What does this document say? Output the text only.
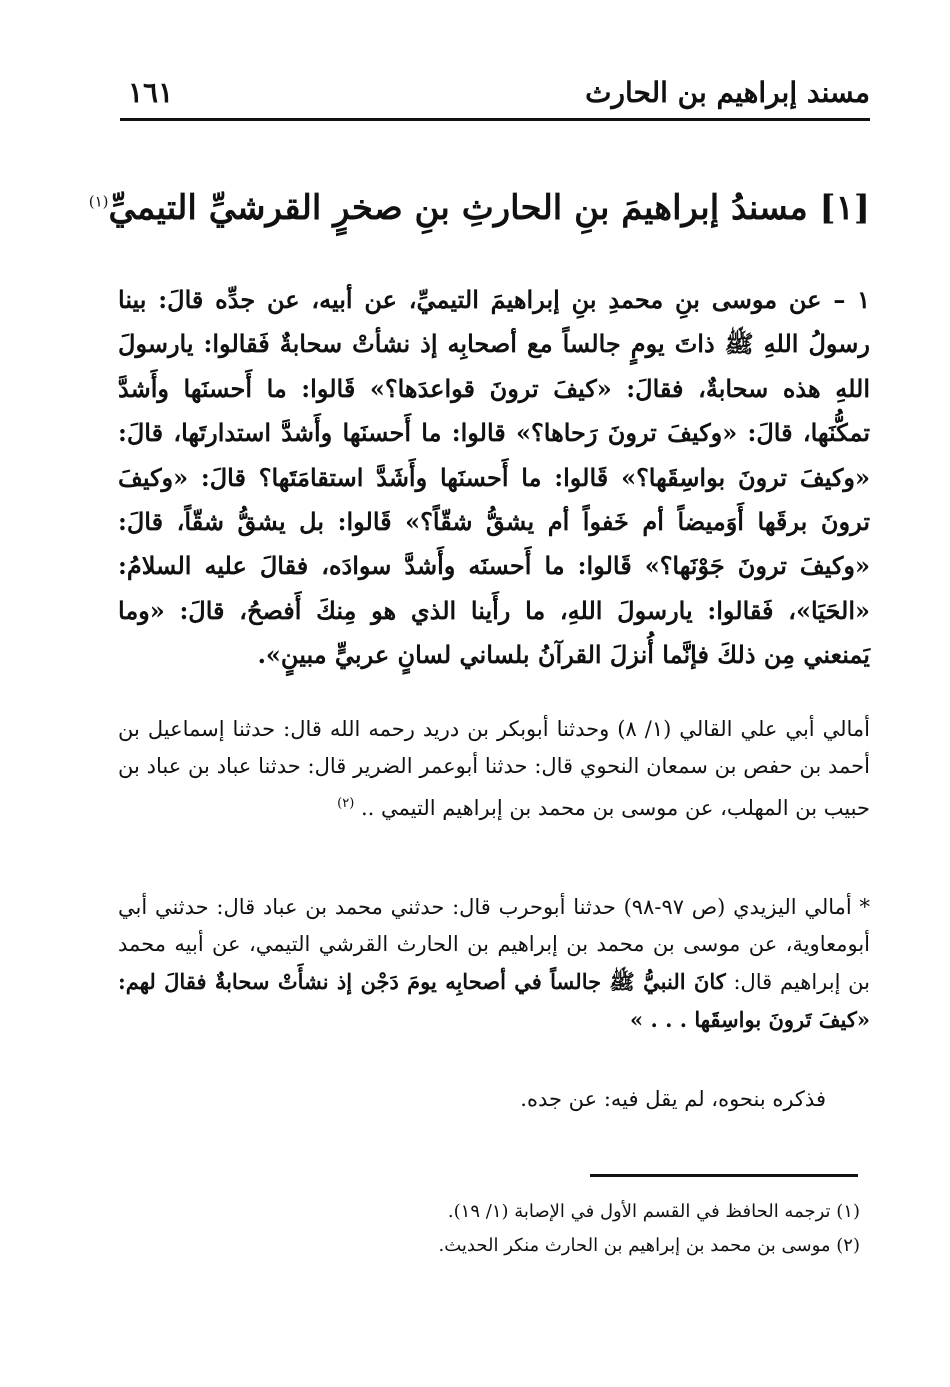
مسند إبراهيم بن الحارث
١٦١
[١] مسندُ إبراهيمَ بنِ الحارثِ بنِ صخرٍ القرشيِّ التيميِّ$^{(١)}$
١ – عن موسى بنِ محمدِ بنِ إبراهيمَ التيميِّ، عن أبيه، عن جدِّه قالَ: بينا رسولُ اللهِ ﷺ ذاتَ يومٍ جالساً مع أصحابِه إذ نشأتْ سحابةٌ فَقالوا: يارسولَ اللهِ هذه سحابةٌ، فقالَ: «كيفَ ترونَ قواعدَها؟» قَالوا: ما أَحسنَها وأَشدَّ تمكُّنَها، قالَ: «وكيفَ ترونَ رَحاها؟» قالوا: ما أَحسنَها وأَشدَّ استدارتَها، قالَ: «وكيفَ ترونَ بواسِقَها؟» قَالوا: ما أَحسنَها وأَشَدَّ استقامَتَها؟ قالَ: «وكيفَ ترونَ برقَها أَوَميضاً أم خَفواً أم يشقُّ شقّاً؟» قَالوا: بل يشقُّ شقّاً، قالَ: «وكيفَ ترونَ جَوْنَها؟» قَالوا: ما أَحسنَه وأَشدَّ سوادَه، فقالَ عليه السلامُ: «الحَيَا»، فَقالوا: يارسولَ اللهِ، ما رأَينا الذي هو مِنكَ أَفصحُ، قالَ: «وما يَمنعني مِن ذلكَ فإنَّما أُنزلَ القرآنُ بلساني لسانٍ عربيٍّ مبينٍ».
أمالي أبي علي القالي (١/ ٨) وحدثنا أبوبكر بن دريد رحمه الله قال: حدثنا إسماعيل بن أحمد بن حفص بن سمعان النحوي قال: حدثنا أبوعمر الضرير قال: حدثنا عباد بن عباد بن حبيب بن المهلب، عن موسى بن محمد بن إبراهيم التيمي .. $^{(٢)}$
* أمالي اليزيدي (ص ٩٧-٩٨) حدثنا أبوحرب قال: حدثني محمد بن عباد قال: حدثني أبي أبومعاوية، عن موسى بن محمد بن إبراهيم بن الحارث القرشي التيمي، عن أبيه محمد بن إبراهيم قال: كانَ النبيُّ ﷺ جالساً في أصحابِه يومَ دَجْن إذ نشأَتْ سحابةٌ فقالَ لهم: «كيفَ تَرونَ بواسِقَها . . . »
فذكره بنحوه، لم يقل فيه: عن جده.
(١) ترجمه الحافظ في القسم الأول في الإصابة (١/ ١٩).
(٢) موسى بن محمد بن إبراهيم بن الحارث منكر الحديث.
